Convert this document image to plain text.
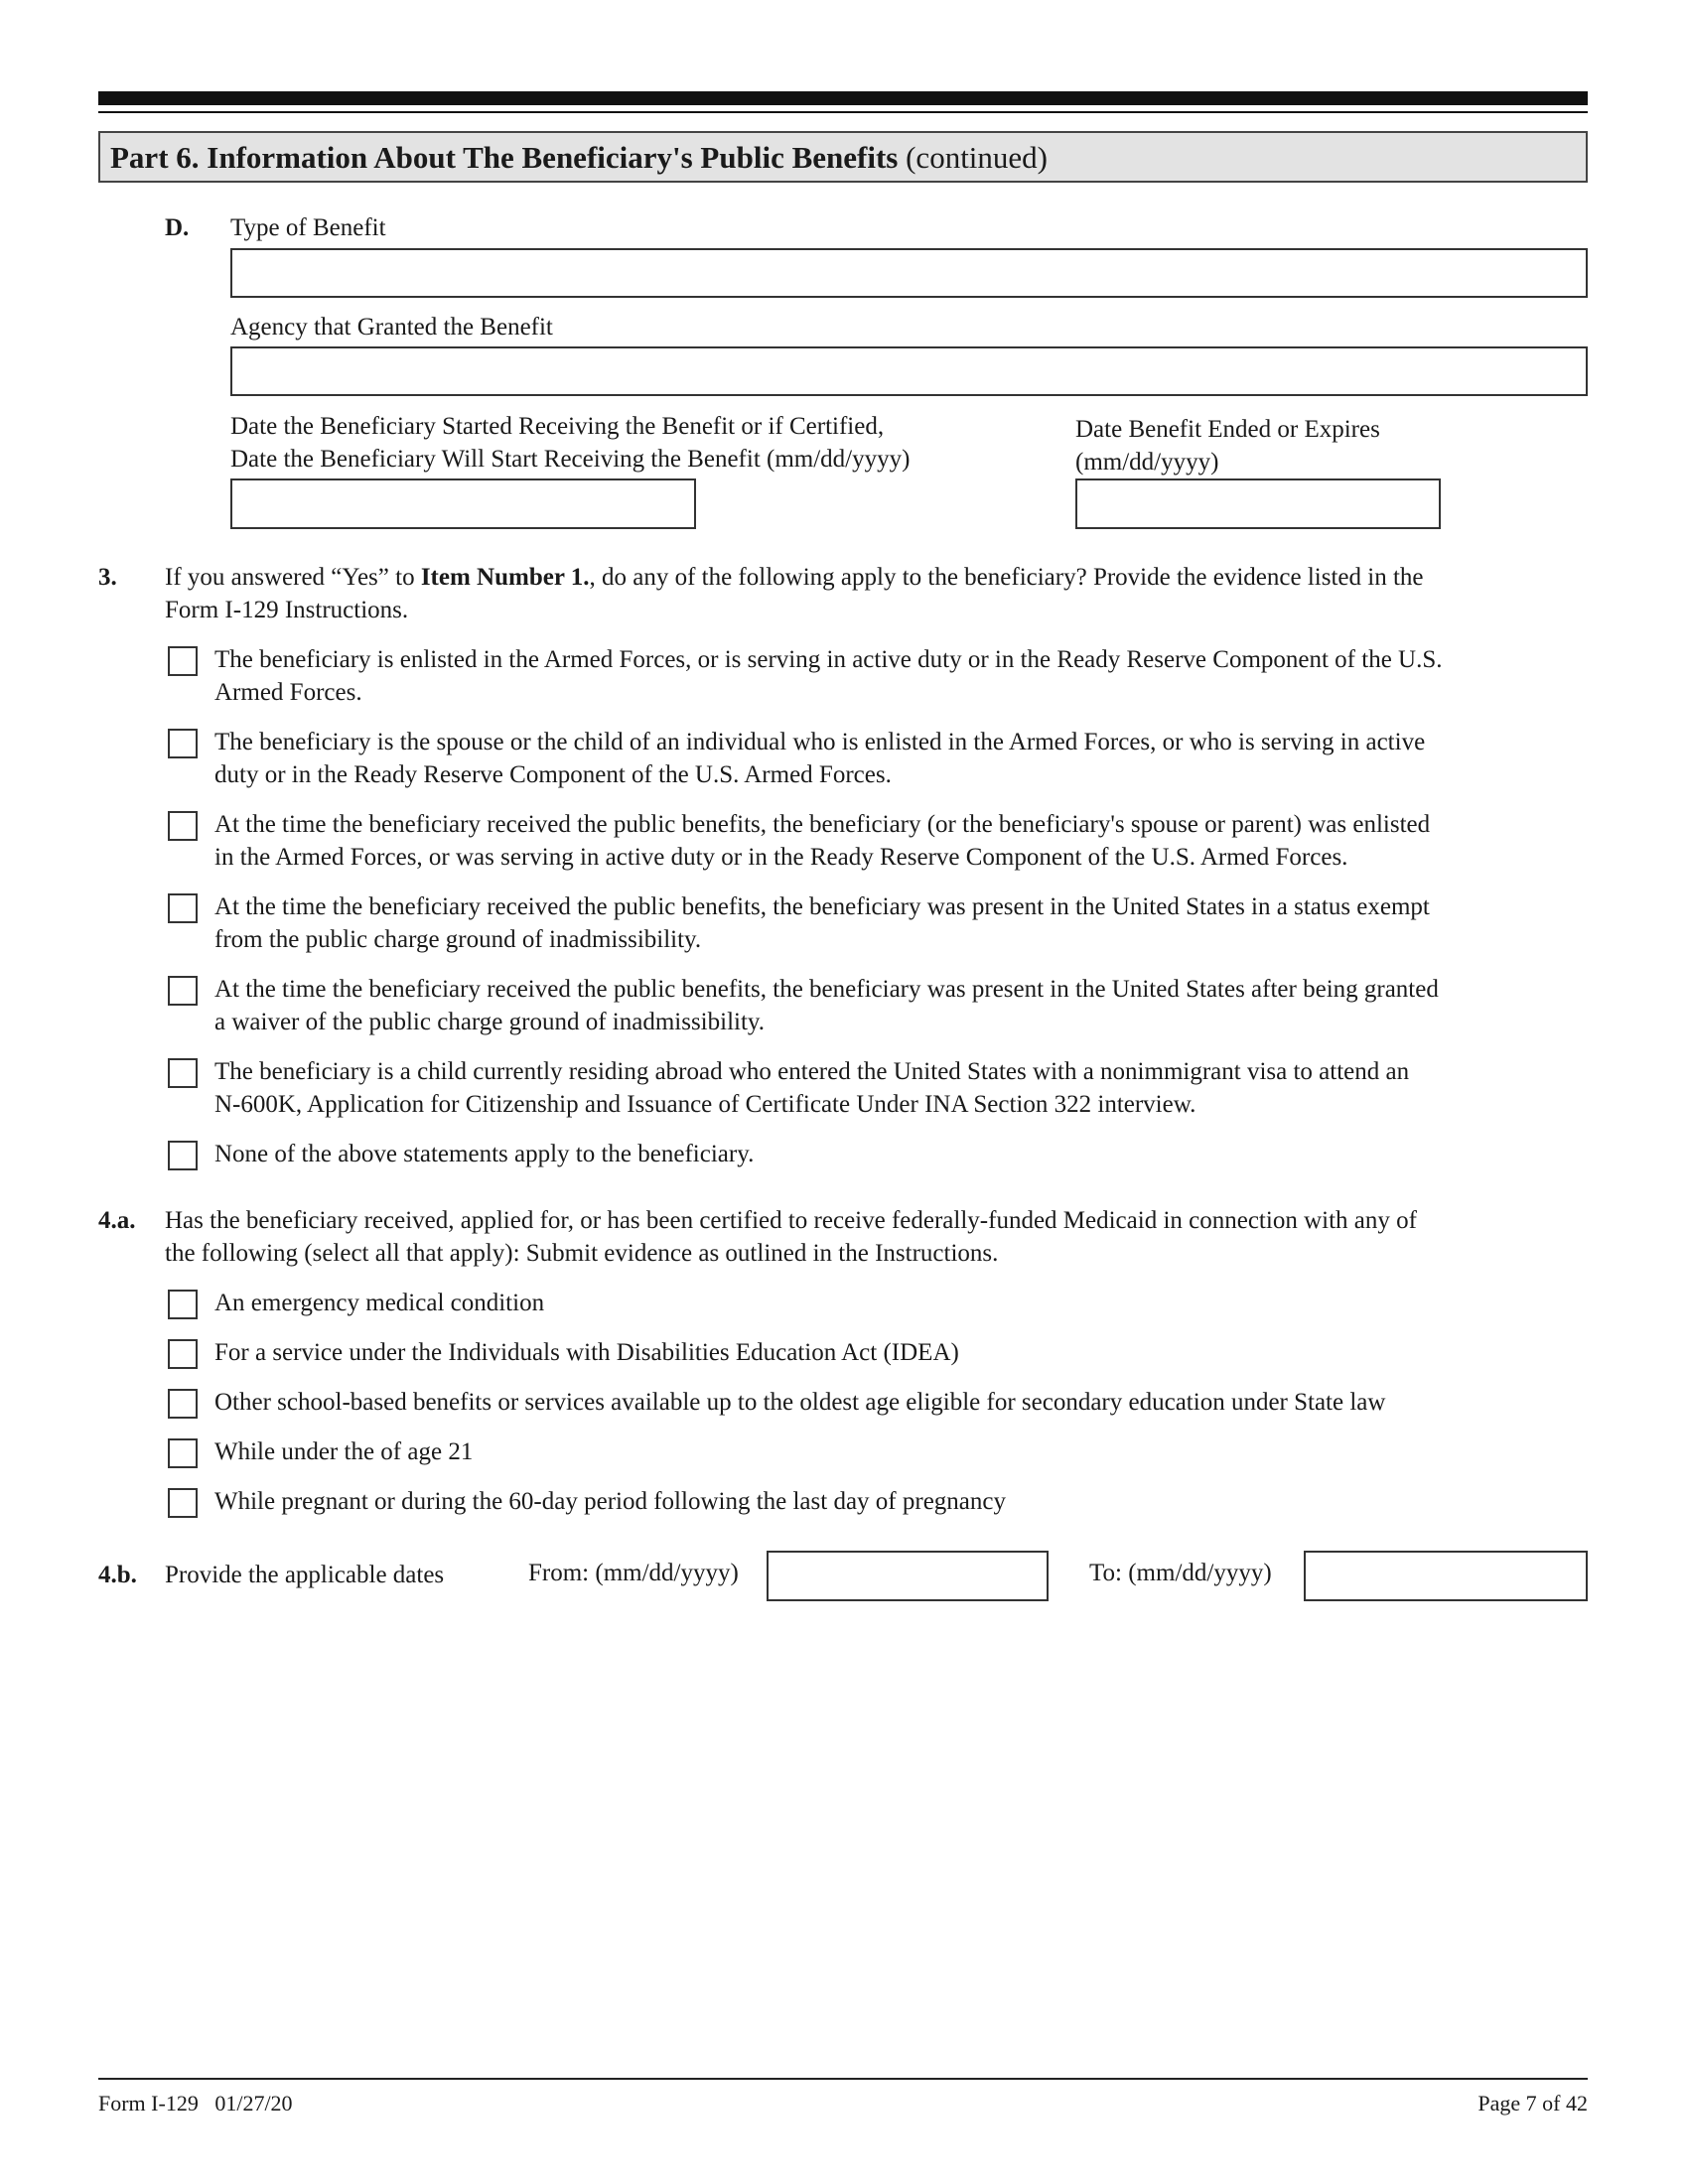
Part 6. Information About The Beneficiary's Public Benefits (continued)
D. Type of Benefit
Agency that Granted the Benefit
Date the Beneficiary Started Receiving the Benefit or if Certified,
Date the Beneficiary Will Start Receiving the Benefit (mm/dd/yyyy)
Date Benefit Ended or Expires
(mm/dd/yyyy)
3. If you answered “Yes” to Item Number 1., do any of the following apply to the beneficiary? Provide the evidence listed in the
Form I-129 Instructions.
The beneficiary is enlisted in the Armed Forces, or is serving in active duty or in the Ready Reserve Component of the U.S.
Armed Forces.
The beneficiary is the spouse or the child of an individual who is enlisted in the Armed Forces, or who is serving in active
duty or in the Ready Reserve Component of the U.S. Armed Forces.
At the time the beneficiary received the public benefits, the beneficiary (or the beneficiary's spouse or parent) was enlisted
in the Armed Forces, or was serving in active duty or in the Ready Reserve Component of the U.S. Armed Forces.
At the time the beneficiary received the public benefits, the beneficiary was present in the United States in a status exempt
from the public charge ground of inadmissibility.
At the time the beneficiary received the public benefits, the beneficiary was present in the United States after being granted
a waiver of the public charge ground of inadmissibility.
The beneficiary is a child currently residing abroad who entered the United States with a nonimmigrant visa to attend an
N-600K, Application for Citizenship and Issuance of Certificate Under INA Section 322 interview.
None of the above statements apply to the beneficiary.
4.a. Has the beneficiary received, applied for, or has been certified to receive federally-funded Medicaid in connection with any of
the following (select all that apply): Submit evidence as outlined in the Instructions.
An emergency medical condition
For a service under the Individuals with Disabilities Education Act (IDEA)
Other school-based benefits or services available up to the oldest age eligible for secondary education under State law
While under the of age 21
While pregnant or during the 60-day period following the last day of pregnancy
4.b. Provide the applicable dates	From: (mm/dd/yyyy)	To: (mm/dd/yyyy)
Form I-129   01/27/20	Page 7 of 42
